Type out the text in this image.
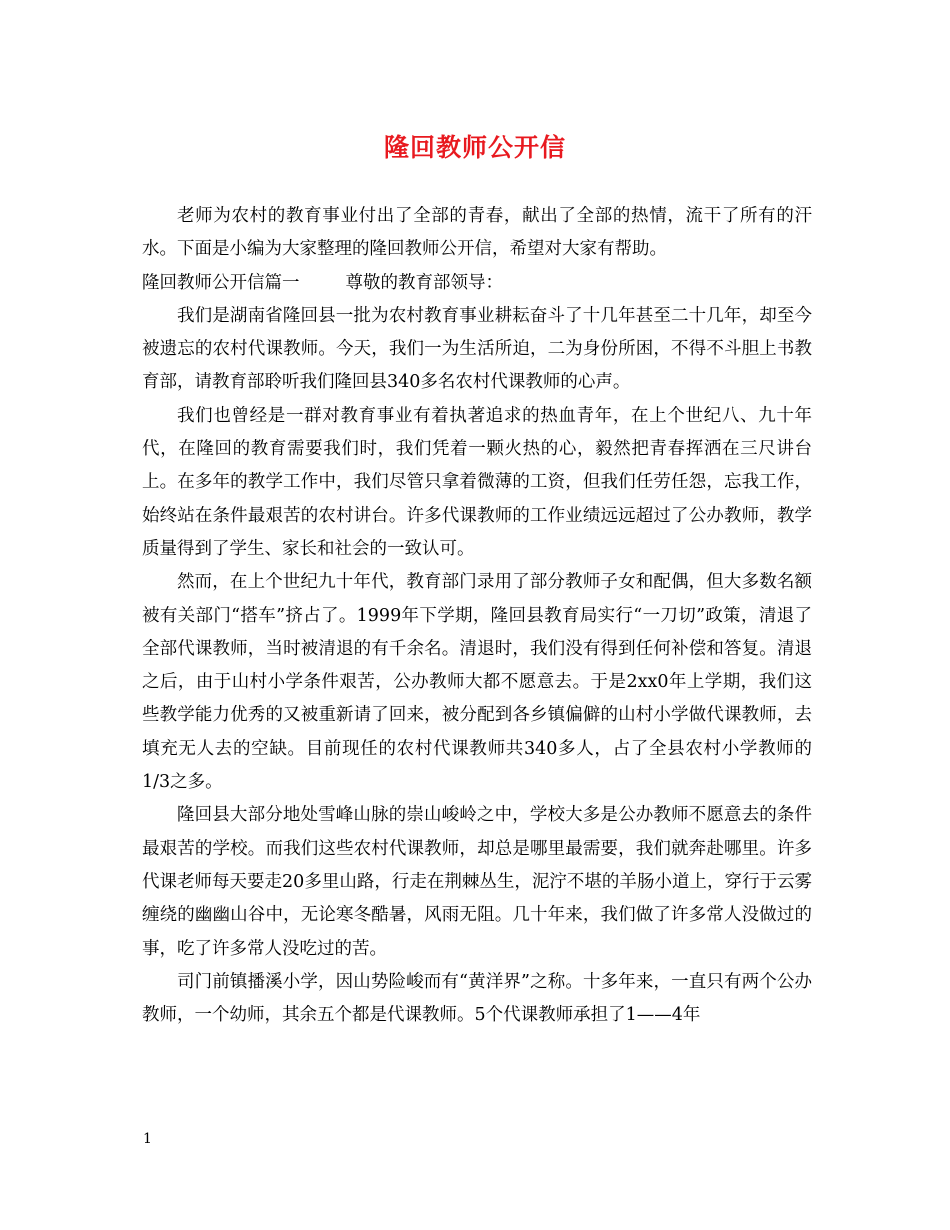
隆回教师公开信

老师为农村的教育事业付出了全部的青春，献出了全部的热情，流干了所有的汗水。下面是小编为大家整理的隆回教师公开信，希望对大家有帮助。

隆回教师公开信篇一	尊敬的教育部领导：

我们是湖南省隆回县一批为农村教育事业耕耘奋斗了十几年甚至二十几年，却至今被遗忘的农村代课教师。今天，我们一为生活所迫，二为身份所困，不得不斗胆上书教育部，请教育部聆听我们隆回县340多名农村代课教师的心声。

我们也曾经是一群对教育事业有着执著追求的热血青年，在上个世纪八、九十年代，在隆回的教育需要我们时，我们凭着一颗火热的心，毅然把青春挥洒在三尺讲台上。在多年的教学工作中，我们尽管只拿着微薄的工资，但我们任劳任怨，忘我工作，始终站在条件最艰苦的农村讲台。许多代课教师的工作业绩远远超过了公办教师，教学质量得到了学生、家长和社会的一致认可。

然而，在上个世纪九十年代，教育部门录用了部分教师子女和配偶，但大多数名额被有关部门“搭车”挤占了。1999年下学期，隆回县教育局实行“一刀切”政策，清退了全部代课教师，当时被清退的有千余名。清退时，我们没有得到任何补偿和答复。清退之后，由于山村小学条件艰苦，公办教师大都不愿意去。于是2xx0年上学期，我们这些教学能力优秀的又被重新请了回来，被分配到各乡镇偏僻的山村小学做代课教师，去填充无人去的空缺。目前现任的农村代课教师共340多人，占了全县农村小学教师的1/3之多。

隆回县大部分地处雪峰山脉的崇山峻岭之中，学校大多是公办教师不愿意去的条件最艰苦的学校。而我们这些农村代课教师，却总是哪里最需要，我们就奔赴哪里。许多代课老师每天要走20多里山路，行走在荆棘丛生，泥泞不堪的羊肠小道上，穿行于云雾缠绕的幽幽山谷中，无论寒冬酷暑，风雨无阻。几十年来，我们做了许多常人没做过的事，吃了许多常人没吃过的苦。

司门前镇播溪小学，因山势险峻而有“黄洋界”之称。十多年来，一直只有两个公办教师，一个幼师，其余五个都是代课教师。5个代课教师承担了1——4年

1
